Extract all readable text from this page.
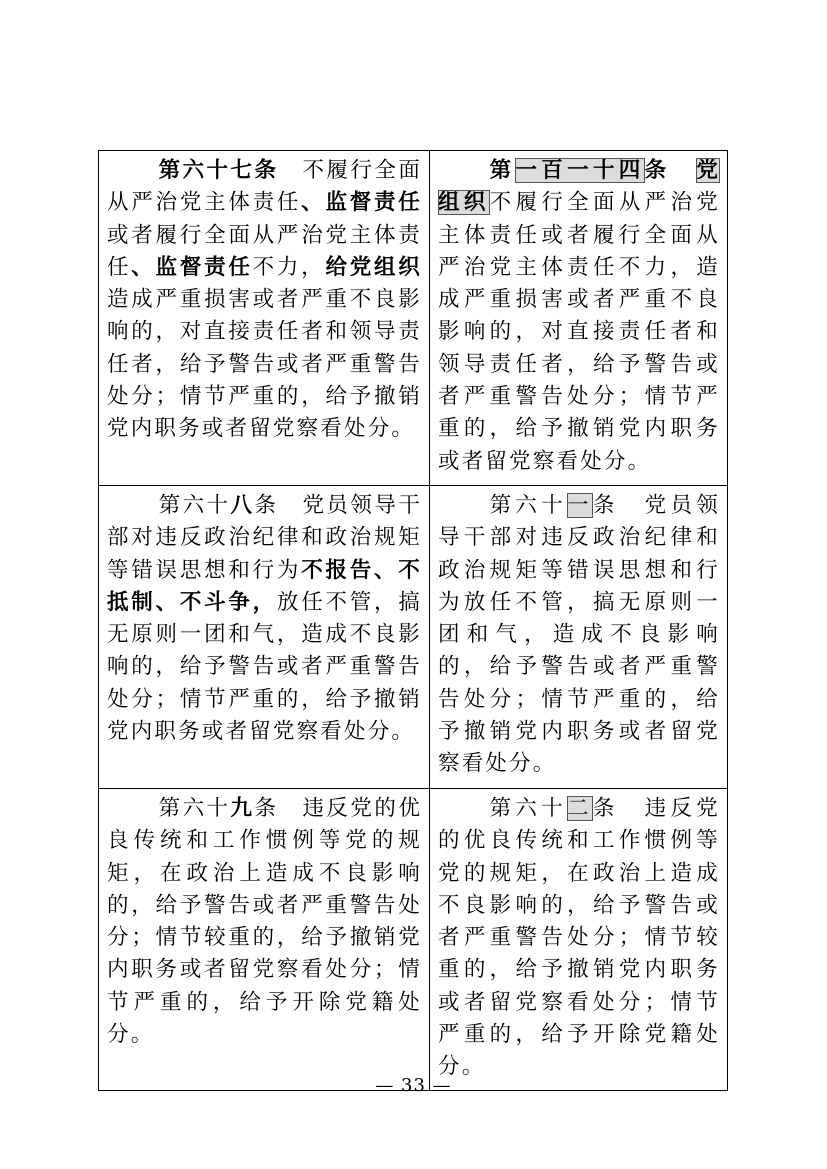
第六十七条　不履行全面从严治党主体责任、监督责任或者履行全面从严治党主体责任、监督责任不力，给党组织造成严重损害或者严重不良影响的，对直接责任者和领导责任者，给予警告或者严重警告处分；情节严重的，给予撤销党内职务或者留党察看处分。	第一百一十四条　 党组织不履行全面从严治党主体责任或者履行全面从严治党主体责任不力，造成严重损害或者严重不良影响的，对直接责任者和领导责任者，给予警告或者严重警告处分；情节严重的，给予撤销党内职务或者留党察看处分。

第六十八条　党员领导干部对违反政治纪律和政治规矩等错误思想和行为不报告、不抵制、不斗争，放任不管，搞无原则一团和气，造成不良影响的，给予警告或者严重警告处分；情节严重的，给予撤销党内职务或者留党察看处分。	第六十一条　党员领导干部对违反政治纪律和政治规矩等错误思想和行为放任不管，搞无原则一团和气，造成不良影响的，给予警告或者严重警告处分；情节严重的，给予撤销党内职务或者留党察看处分。

第六十九条　违反党的优良传统和工作惯例等党的规矩，在政治上造成不良影响的，给予警告或者严重警告处分；情节较重的，给予撤销党内职务或者留党察看处分；情节严重的，给予开除党籍处分。	第六十二条　违反党的优良传统和工作惯例等党的规矩，在政治上造成不良影响的，给予警告或者严重警告处分；情节较重的，给予撤销党内职务或者留党察看处分；情节严重的，给予开除党籍处分。

— 33 —
